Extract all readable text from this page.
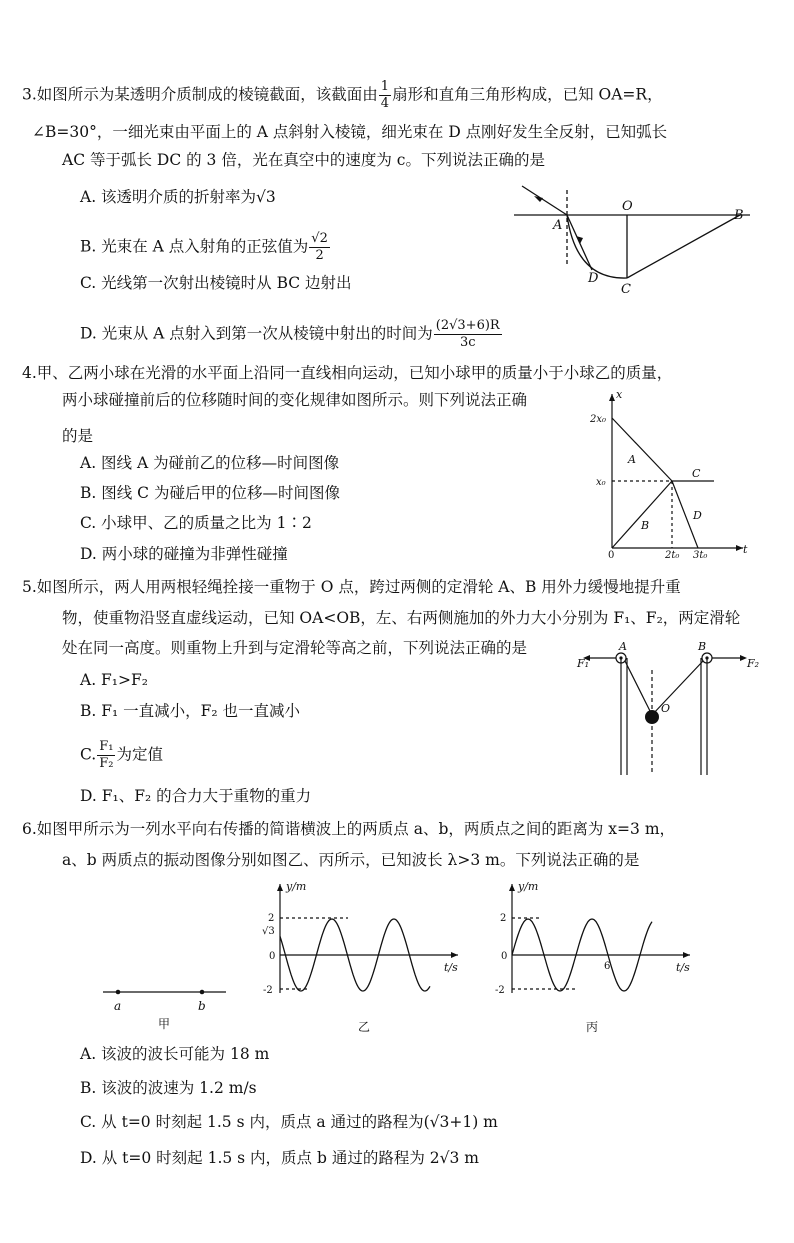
3.如图所示为某透明介质制成的棱镜截面，该截面由 $\frac{1}{4}$ 扇形和直角三角形构成，已知 OA=R，
∠B=30°，一细光束由平面上的 A 点斜射入棱镜，细光束在 D 点刚好发生全反射，已知弧长
AC 等于弧长 DC 的 3 倍，光在真空中的速度为 c。下列说法正确的是
A. 该透明介质的折射率为√3
B. 光束在 A 点入射角的正弦值为 $\frac{√2}{2}$
C. 光线第一次射出棱镜时从 BC 边射出
D. 光束从 A 点射入到第一次从棱镜中射出的时间为 $\frac{(2√3+6)R}{3c}$
A
O
B
C
D
4.甲、乙两小球在光滑的水平面上沿同一直线相向运动，已知小球甲的质量小于小球乙的质量，
两小球碰撞前后的位移随时间的变化规律如图所示。则下列说法正确
的是
A. 图线 A 为碰前乙的位移—时间图像
B. 图线 C 为碰后甲的位移—时间图像
C. 小球甲、乙的质量之比为 1∶2
D. 两小球的碰撞为非弹性碰撞
x
t
0
2x₀
x₀
2t₀ 3t₀
A
B
C
D
5.如图所示，两人用两根轻绳拴接一重物于 O 点，跨过两侧的定滑轮 A、B 用外力缓慢地提升重
物，使重物沿竖直虚线运动，已知 OA<OB，左、右两侧施加的外力大小分别为 F₁、F₂，两定滑轮
处在同一高度。则重物上升到与定滑轮等高之前，下列说法正确的是
A. F₁>F₂
B. F₁ 一直减小，F₂ 也一直减小
C. $\frac{\text{F₁}}{\text{F₂}}$ 为定值
D. F₁、F₂ 的合力大于重物的重力
F₁	F₂
A	B
O
6.如图甲所示为一列水平向右传播的简谐横波上的两质点 a、b，两质点之间的距离为 x=3 m，
a、b 两质点的振动图像分别如图乙、丙所示，已知波长 λ>3 m。下列说法正确的是
a	b
甲
y/m
t/s
2
√3
0
-2
乙
y/m
t/s
2
0
-2
6
丙
A. 该波的波长可能为 18 m
B. 该波的波速为 1.2 m/s
C. 从 t=0 时刻起 1.5 s 内，质点 a 通过的路程为(√3+1) m
D. 从 t=0 时刻起 1.5 s 内，质点 b 通过的路程为 2√3 m
